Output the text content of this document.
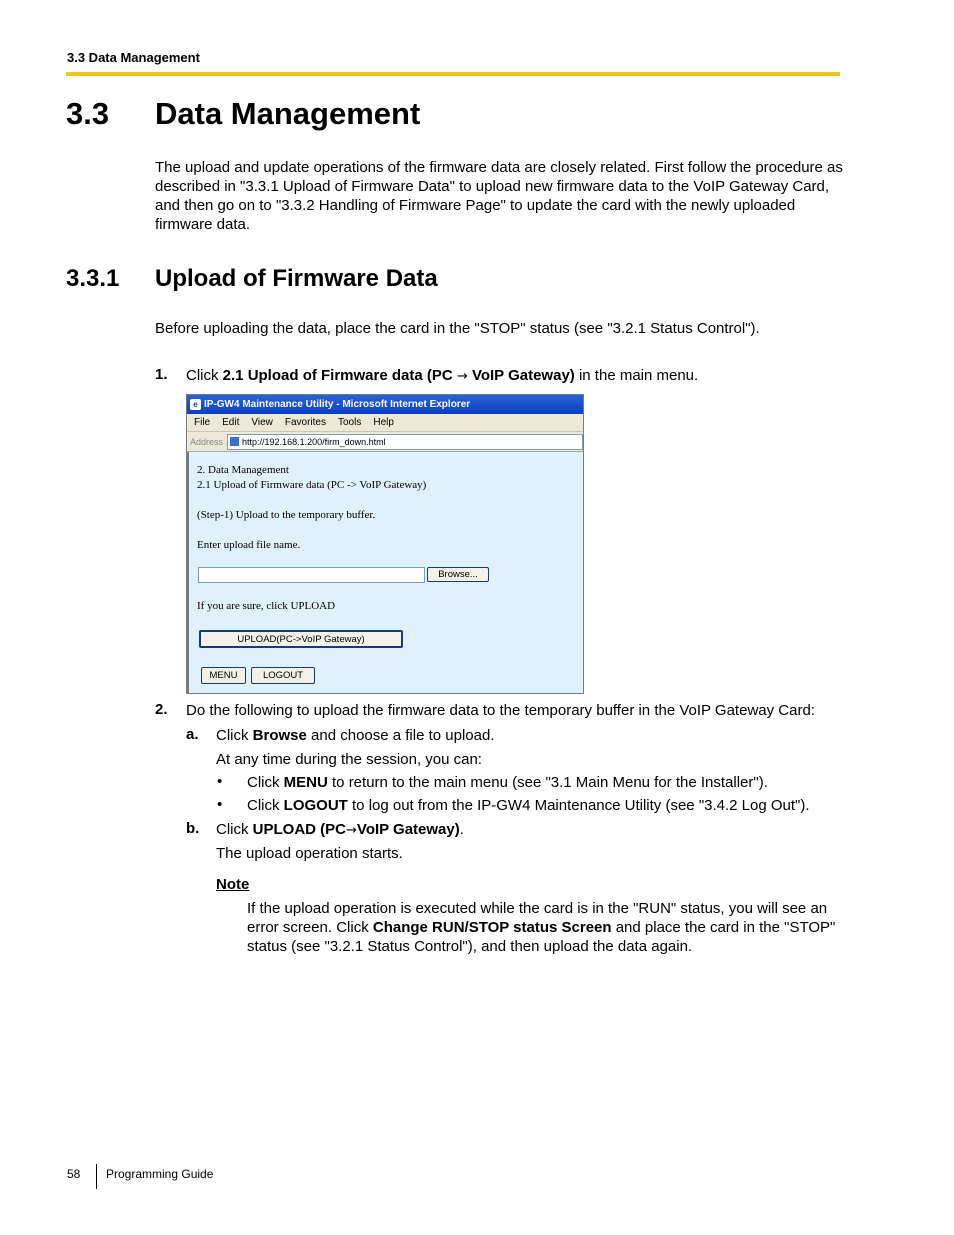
3.3 Data Management
3.3 Data Management
The upload and update operations of the firmware data are closely related. First follow the procedure as described in "3.3.1 Upload of Firmware Data" to upload new firmware data to the VoIP Gateway Card, and then go on to "3.3.2 Handling of Firmware Page" to update the card with the newly uploaded firmware data.
3.3.1 Upload of Firmware Data
Before uploading the data, place the card in the "STOP" status (see "3.2.1 Status Control").
1. Click 2.1 Upload of Firmware data (PC → VoIP Gateway) in the main menu.
e IP-GW4 Maintenance Utility - Microsoft Internet Explorer
File Edit View Favorites Tools Help
Address http://192.168.1.200/firm_down.html
2. Data Management
2.1 Upload of Firmware data (PC -> VoIP Gateway)
(Step-1) Upload to the temporary buffer.
Enter upload file name.
Browse...
If you are sure, click UPLOAD
UPLOAD(PC->VoIP Gateway)
MENU	LOGOUT
2. Do the following to upload the firmware data to the temporary buffer in the VoIP Gateway Card:
a. Click Browse and choose a file to upload.
At any time during the session, you can:
• Click MENU to return to the main menu (see "3.1 Main Menu for the Installer").
• Click LOGOUT to log out from the IP-GW4 Maintenance Utility (see "3.4.2 Log Out").
b. Click UPLOAD (PC→VoIP Gateway).
The upload operation starts.
Note
If the upload operation is executed while the card is in the "RUN" status, you will see an error screen. Click Change RUN/STOP status Screen and place the card in the "STOP" status (see "3.2.1 Status Control"), and then upload the data again.
58 Programming Guide
